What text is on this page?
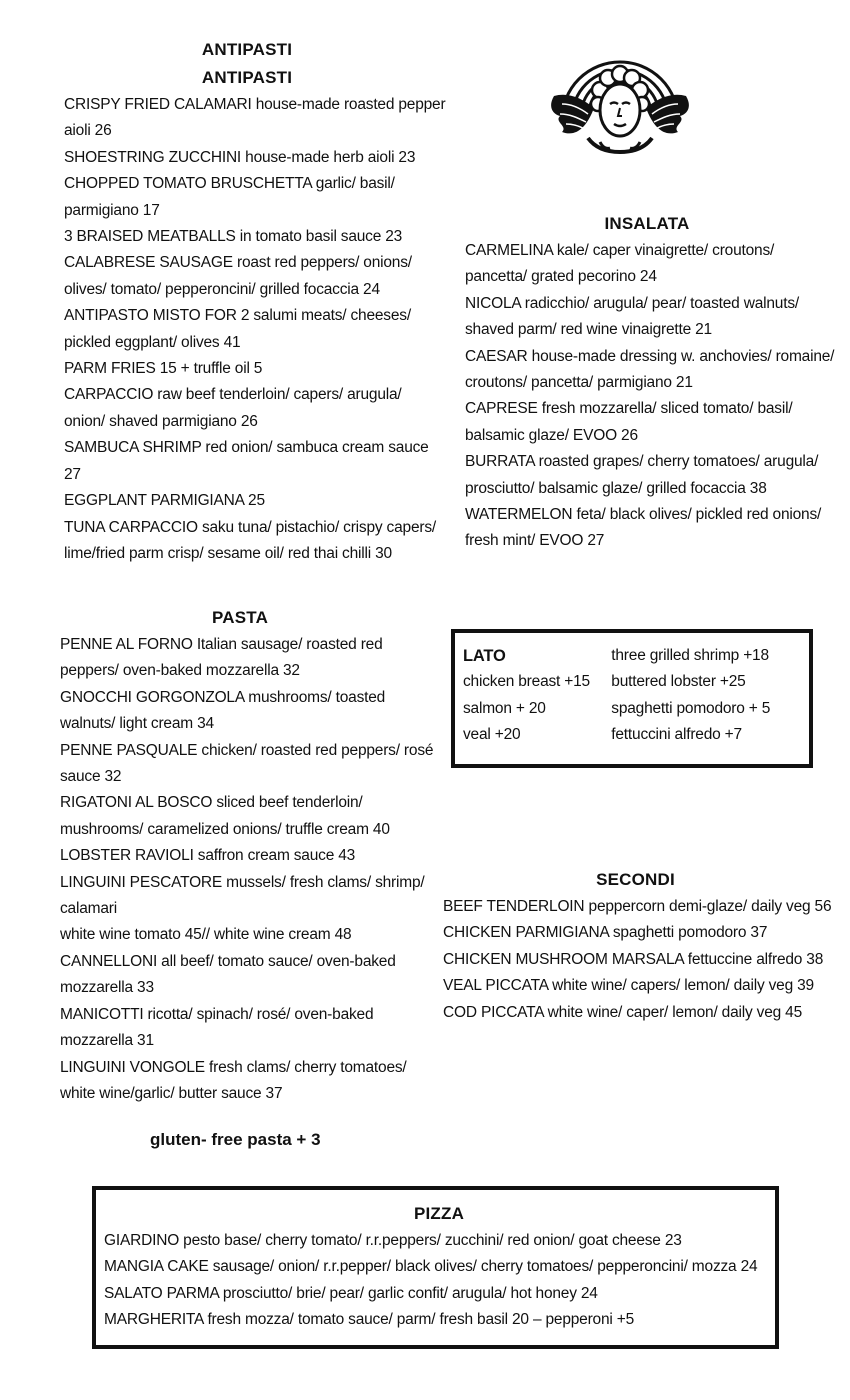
ANTIPASTI
ANTIPASTI
CRISPY FRIED CALAMARI house-made roasted pepper
aioli 26
SHOESTRING ZUCCHINI house-made herb aioli 23
CHOPPED TOMATO BRUSCHETTA garlic/ basil/
parmigiano 17
3 BRAISED MEATBALLS in tomato basil sauce 23
CALABRESE SAUSAGE roast red peppers/ onions/
olives/ tomato/ pepperoncini/ grilled focaccia 24
ANTIPASTO MISTO FOR 2 salumi meats/ cheeses/
pickled eggplant/ olives 41
PARM FRIES 15 + truffle oil 5
CARPACCIO raw beef tenderloin/ capers/ arugula/
onion/ shaved parmigiano 26
SAMBUCA SHRIMP red onion/ sambuca cream sauce
27
EGGPLANT PARMIGIANA 25
TUNA CARPACCIO saku tuna/ pistachio/ crispy capers/
lime/fried parm crisp/ sesame oil/ red thai chilli 30
INSALATA
CARMELINA kale/ caper vinaigrette/ croutons/
pancetta/ grated pecorino 24
NICOLA radicchio/ arugula/ pear/ toasted walnuts/
shaved parm/ red wine vinaigrette 21
CAESAR house-made dressing w. anchovies/ romaine/
croutons/ pancetta/ parmigiano 21
CAPRESE fresh mozzarella/ sliced tomato/ basil/
balsamic glaze/ EVOO 26
BURRATA roasted grapes/ cherry tomatoes/ arugula/
prosciutto/ balsamic glaze/ grilled focaccia 38
WATERMELON feta/ black olives/ pickled red onions/
fresh mint/ EVOO 27
PASTA
PENNE AL FORNO Italian sausage/ roasted red
peppers/ oven-baked mozzarella 32
GNOCCHI GORGONZOLA mushrooms/ toasted
walnuts/ light cream 34
PENNE PASQUALE chicken/ roasted red peppers/ rosé
sauce 32
RIGATONI AL BOSCO sliced beef tenderloin/
mushrooms/ caramelized onions/ truffle cream 40
LOBSTER RAVIOLI saffron cream sauce 43
LINGUINI PESCATORE mussels/ fresh clams/ shrimp/
calamari
white wine tomato 45// white wine cream 48
CANNELLONI all beef/ tomato sauce/ oven-baked
mozzarella 33
MANICOTTI ricotta/ spinach/ rosé/ oven-baked
mozzarella 31
LINGUINI VONGOLE fresh clams/ cherry tomatoes/
white wine/garlic/ butter sauce 37
gluten- free pasta + 3
LATO
chicken breast +15
salmon + 20
veal +20
three grilled shrimp +18
buttered lobster +25
spaghetti pomodoro + 5
fettuccini alfredo +7
SECONDI
BEEF TENDERLOIN peppercorn demi-glaze/ daily veg 56
CHICKEN PARMIGIANA spaghetti pomodoro 37
CHICKEN MUSHROOM MARSALA fettuccine alfredo 38
VEAL PICCATA white wine/ capers/ lemon/ daily veg 39
COD PICCATA white wine/ caper/ lemon/ daily veg 45
PIZZA
GIARDINO pesto base/ cherry tomato/ r.r.peppers/ zucchini/ red onion/ goat cheese 23
MANGIA CAKE sausage/ onion/ r.r.pepper/ black olives/ cherry tomatoes/ pepperoncini/ mozza 24
SALATO PARMA prosciutto/ brie/ pear/ garlic confit/ arugula/ hot honey 24
MARGHERITA fresh mozza/ tomato sauce/ parm/ fresh basil 20 – pepperoni +5
